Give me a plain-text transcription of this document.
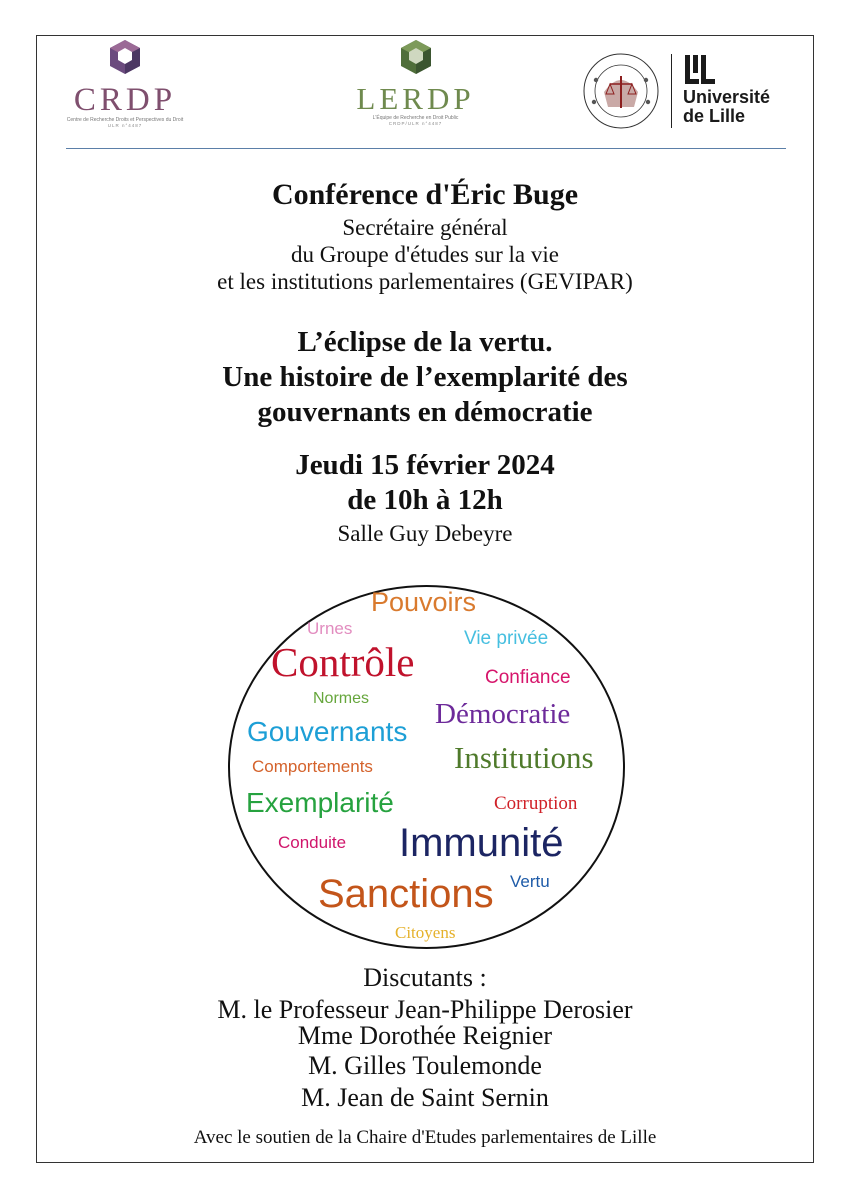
CRDP
Centre de Recherche Droits et Perspectives du Droit
ULR n°4487
LERDP
L'Équipe de Recherche en Droit Public
CRDP/ULR n°4487
Université
de Lille
Conférence d'Éric Buge
Secrétaire général
du Groupe d'études sur la vie
et les institutions parlementaires (GEVIPAR)
L’éclipse de la vertu.
Une histoire de l’exemplarité des
gouvernants en démocratie
Jeudi 15 février 2024
de 10h à 12h
Salle Guy Debeyre
Pouvoirs
Urnes	Vie privée
Contrôle	Confiance
Normes Démocratie
Gouvernants
Institutions
Comportements
Exemplarité	Corruption
Conduite Immunité
Sanctions Vertu
Citoyens
Discutants :
M. le Professeur Jean-Philippe Derosier
Mme Dorothée Reignier
M. Gilles Toulemonde
M. Jean de Saint Sernin
Avec le soutien de la Chaire d'Etudes parlementaires de Lille
